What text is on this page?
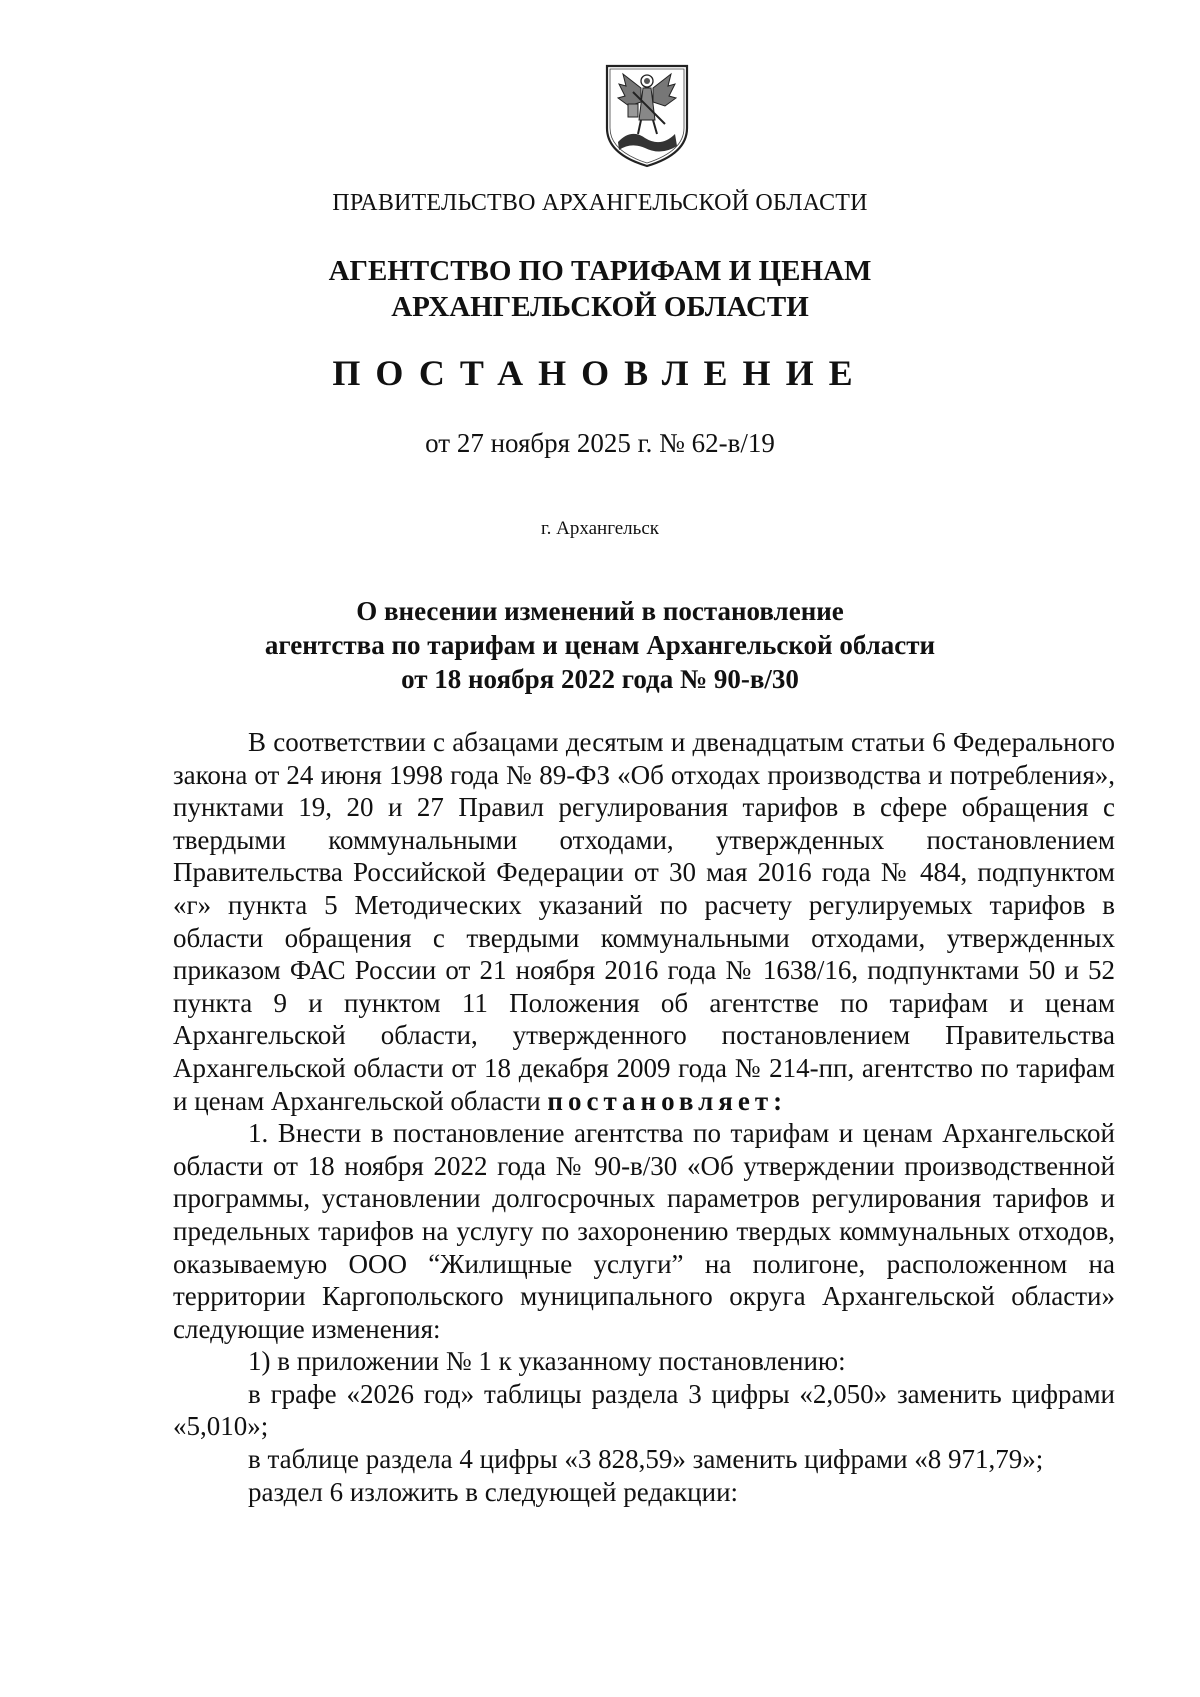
ПРАВИТЕЛЬСТВО АРХАНГЕЛЬСКОЙ ОБЛАСТИ
АГЕНТСТВО ПО ТАРИФАМ И ЦЕНАМ
АРХАНГЕЛЬСКОЙ ОБЛАСТИ
ПОСТАНОВЛЕНИЕ
от 27 ноября 2025 г. № 62-в/19
г. Архангельск
О внесении изменений в постановление
агентства по тарифам и ценам Архангельской области
от 18 ноября 2022 года № 90-в/30

В соответствии с абзацами десятым и двенадцатым статьи 6 Федерального закона от 24 июня 1998 года № 89-ФЗ «Об отходах производства и потребления», пунктами 19, 20 и 27 Правил регулирования тарифов в сфере обращения с твердыми коммунальными отходами, утвержденных постановлением Правительства Российской Федерации от 30 мая 2016 года № 484, подпунктом «г» пункта 5 Методических указаний по расчету регулируемых тарифов в области обращения с твердыми коммунальными отходами, утвержденных приказом ФАС России от 21 ноября 2016 года № 1638/16, подпунктами 50 и 52 пункта 9 и пунктом 11 Положения об агентстве по тарифам и ценам Архангельской области, утвержденного постановлением Правительства Архангельской области от 18 декабря 2009 года № 214-пп, агентство по тарифам и ценам Архангельской области постановляет:

1. Внести в постановление агентства по тарифам и ценам Архангельской области от 18 ноября 2022 года № 90-в/30 «Об утверждении производственной программы, установлении долгосрочных параметров регулирования тарифов и предельных тарифов на услугу по захоронению твердых коммунальных отходов, оказываемую ООО “Жилищные услуги” на полигоне, расположенном на территории Каргопольского муниципального округа Архангельской области» следующие изменения:

1) в приложении № 1 к указанному постановлению:

в графе «2026 год» таблицы раздела 3 цифры «2,050» заменить цифрами «5,010»;

в таблице раздела 4 цифры «3 828,59» заменить цифрами «8 971,79»;

раздел 6 изложить в следующей редакции:
